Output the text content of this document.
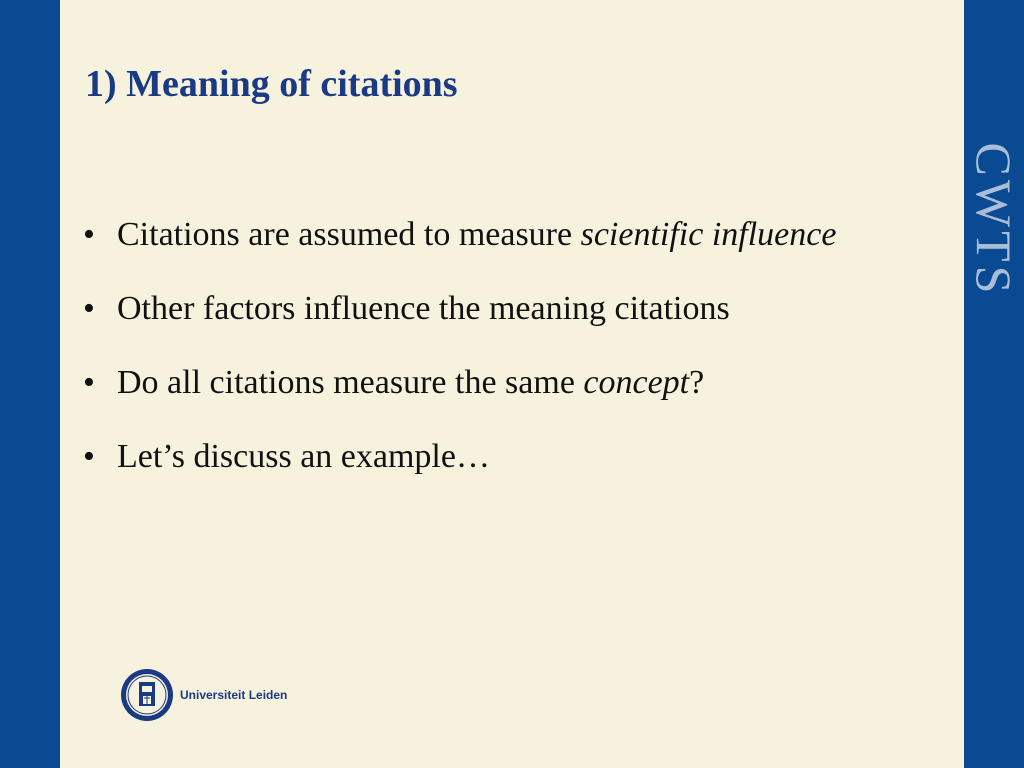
CWTS
1) Meaning of citations
• Citations are assumed to measure scientific influence
• Other factors influence the meaning citations
• Do all citations measure the same concept?
• Let’s discuss an example…
Universiteit Leiden
